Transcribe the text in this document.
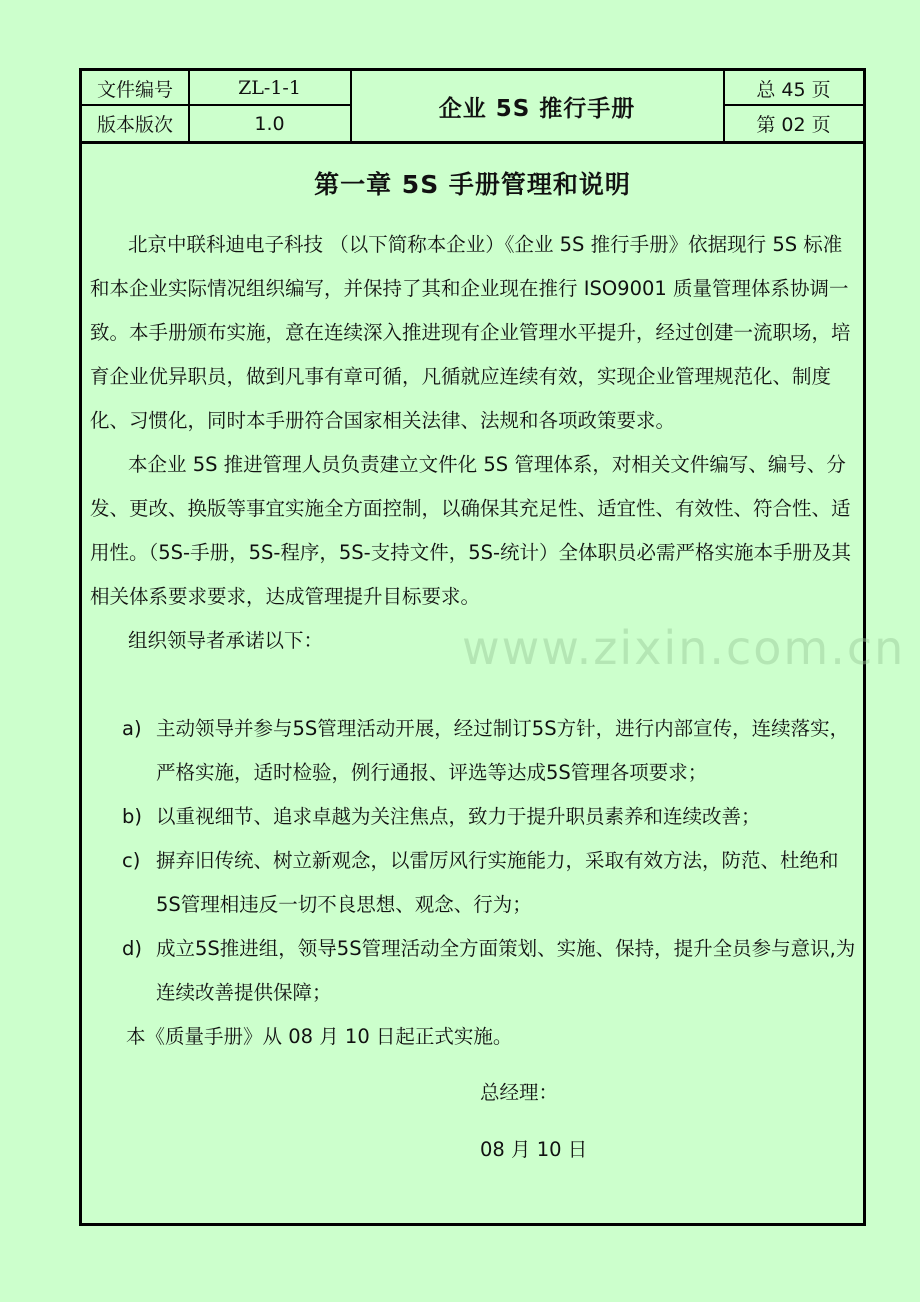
文件编号	ZL-1-1
版本版次	1.0
企业 5S 推行手册
总 45 页
第 02 页
第一章 5S 手册管理和说明

北京中联科迪电子科技 （以下简称本企业）《企业 5S 推行手册》依据现行 5S 标准和本企业实际情况组织编写，并保持了其和企业现在推行 ISO9001 质量管理体系协调一致。本手册颁布实施，意在连续深入推进现有企业管理水平提升，经过创建一流职场，培育企业优异职员，做到凡事有章可循，凡循就应连续有效，实现企业管理规范化、制度化、习惯化，同时本手册符合国家相关法律、法规和各项政策要求。

本企业 5S 推进管理人员负责建立文件化 5S 管理体系，对相关文件编写、编号、分发、更改、换版等事宜实施全方面控制，以确保其充足性、适宜性、有效性、符合性、适用性。（5S-手册，5S-程序，5S-支持文件，5S-统计）全体职员必需严格实施本手册及其相关体系要求要求，达成管理提升目标要求。

组织领导者承诺以下：

a) 主动领导并参与5S管理活动开展，经过制订5S方针，进行内部宣传，连续落实，严格实施，适时检验，例行通报、评选等达成5S管理各项要求；
b) 以重视细节、追求卓越为关注焦点，致力于提升职员素养和连续改善；
c) 摒弃旧传统、树立新观念，以雷厉风行实施能力，采取有效方法，防范、杜绝和5S管理相违反一切不良思想、观念、行为；
d) 成立5S推进组，领导5S管理活动全方面策划、实施、保持，提升全员参与意识,为连续改善提供保障；
本《质量手册》从 08 月 10 日起正式实施。
总经理：
08 月 10 日
www.zixin.com.cn
